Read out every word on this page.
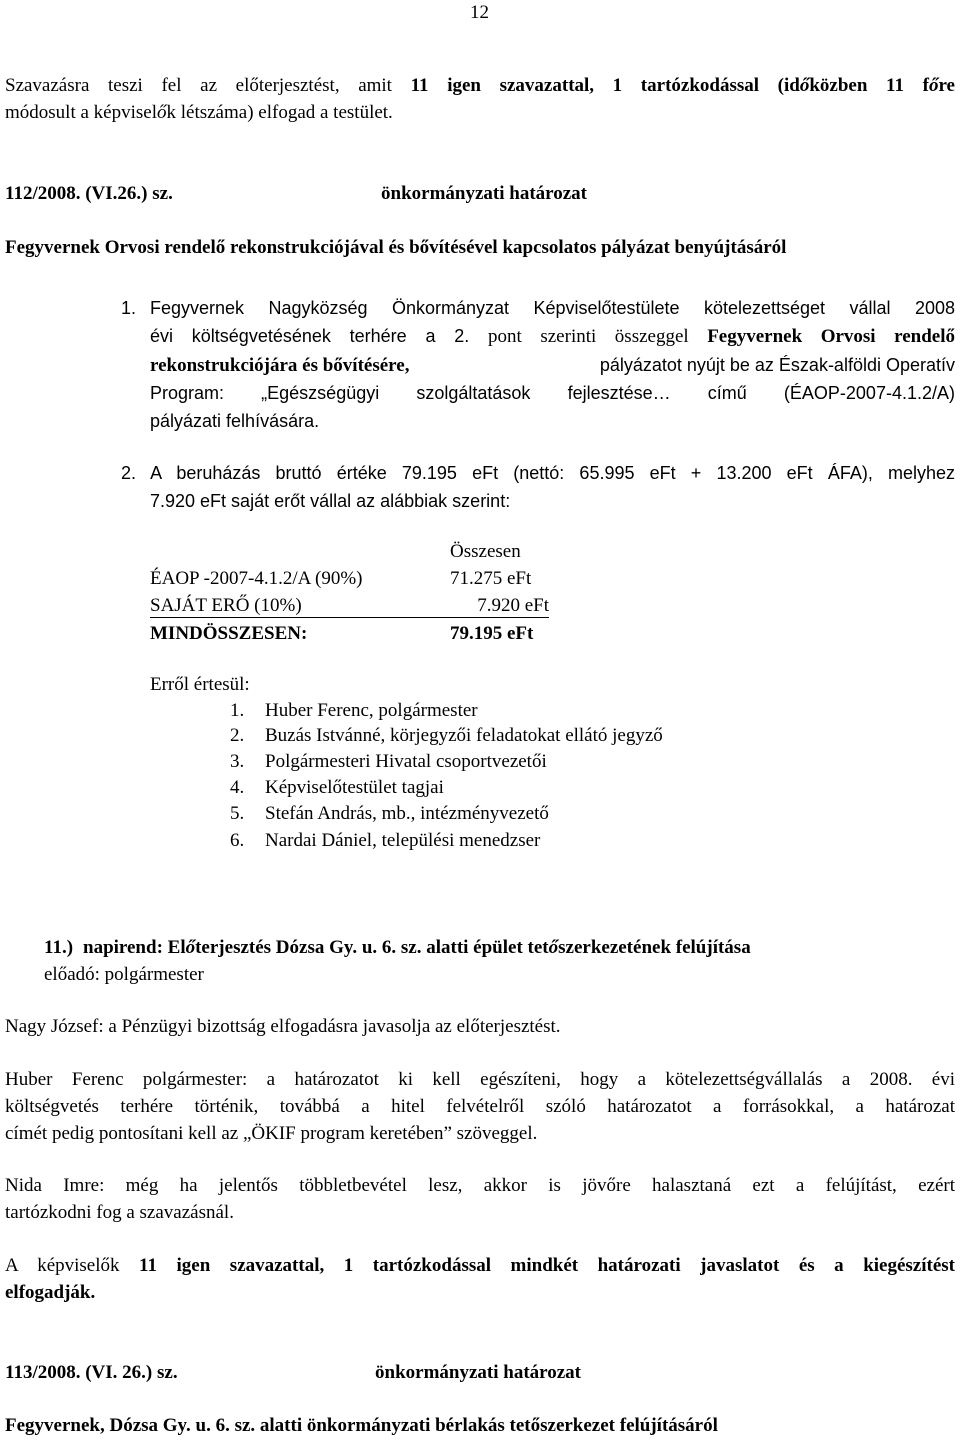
12
Szavazásra teszi fel az előterjesztést, amit 11 igen szavazattal, 1 tartózkodással (időközben 11 főre
módosult a képviselők létszáma) elfogad a testület.
112/2008. (VI.26.) sz.	önkormányzati határozat
Fegyvernek Orvosi rendelő rekonstrukciójával és bővítésével kapcsolatos pályázat benyújtásáról
1. Fegyvernek Nagyközség Önkormányzat Képviselőtestülete kötelezettséget vállal 2008
évi költségvetésének terhére a 2. pont szerinti összeggel Fegyvernek Orvosi rendelő
rekonstrukciójára és bővítésére,	pályázatot nyújt be az Észak-alföldi Operatív
Program: „Egészségügyi szolgáltatások fejlesztése… című (ÉAOP-2007-4.1.2/A)
pályázati felhívására.
2. A beruházás bruttó értéke 79.195 eFt (nettó: 65.995 eFt + 13.200 eFt ÁFA), melyhez
7.920 eFt saját erőt vállal az alábbiak szerint:
Összesen
ÉAOP -2007-4.1.2/A (90%)	71.275 eFt
SAJÁT ERŐ (10%)	7.920 eFt
MINDÖSSZESEN:	79.195 eFt
Erről értesül:
1. Huber Ferenc, polgármester
2. Buzás Istvánné, körjegyzői feladatokat ellátó jegyző
3. Polgármesteri Hivatal csoportvezetői
4. Képviselőtestület tagjai
5. Stefán András, mb., intézményvezető
6. Nardai Dániel, települési menedzser
11.) napirend: Előterjesztés Dózsa Gy. u. 6. sz. alatti épület tetőszerkezetének felújítása
előadó: polgármester
Nagy József: a Pénzügyi bizottság elfogadásra javasolja az előterjesztést.
Huber Ferenc polgármester: a határozatot ki kell egészíteni, hogy a kötelezettségvállalás a 2008. évi
költségvetés terhére történik, továbbá a hitel felvételről szóló határozatot a forrásokkal, a határozat
címét pedig pontosítani kell az „ÖKIF program keretében” szöveggel.
Nida Imre: még ha jelentős többletbevétel lesz, akkor is jövőre halasztaná ezt a felújítást, ezért
tartózkodni fog a szavazásnál.
A képviselők 11 igen szavazattal, 1 tartózkodással mindkét határozati javaslatot és a kiegészítést
elfogadják.
113/2008. (VI. 26.) sz.	önkormányzati határozat
Fegyvernek, Dózsa Gy. u. 6. sz. alatti önkormányzati bérlakás tetőszerkezet felújításáról
